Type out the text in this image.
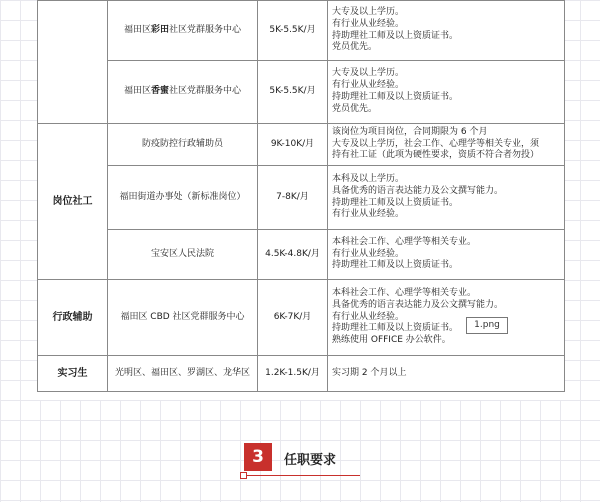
	福田区彩田社区党群服务中心	5K-5.5K/月	大专及以上学历。
有行业从业经验。
持助理社工师及以上资质证书。
党员优先。

	福田区香蜜社区党群服务中心	5K-5.5K/月	大专及以上学历。
有行业从业经验。
持助理社工师及以上资质证书。
党员优先。

岗位社工	防疫防控行政辅助员	9K-10K/月	该岗位为项目岗位，合同期限为 6 个月
大专及以上学历，社会工作、心理学等相关专业，须
持有社工证（此项为硬性要求，资质不符合者勿投）

	福田街道办事处（新标准岗位）	7-8K/月	本科及以上学历。
具备优秀的语言表达能力及公文撰写能力。
持助理社工师及以上资质证书。
有行业从业经验。

	宝安区人民法院	4.5K-4.8K/月	本科社会工作、心理学等相关专业。
有行业从业经验。
持助理社工师及以上资质证书。

行政辅助	福田区 CBD 社区党群服务中心	6K-7K/月	本科社会工作、心理学等相关专业。
具备优秀的语言表达能力及公文撰写能力。
有行业从业经验。
持助理社工师及以上资质证书。
熟练使用 OFFICE 办公软件。

实习生	光明区、福田区、罗湖区、龙华区	1.2K-1.5K/月	实习期 2 个月以上
1.png
3	任职要求
